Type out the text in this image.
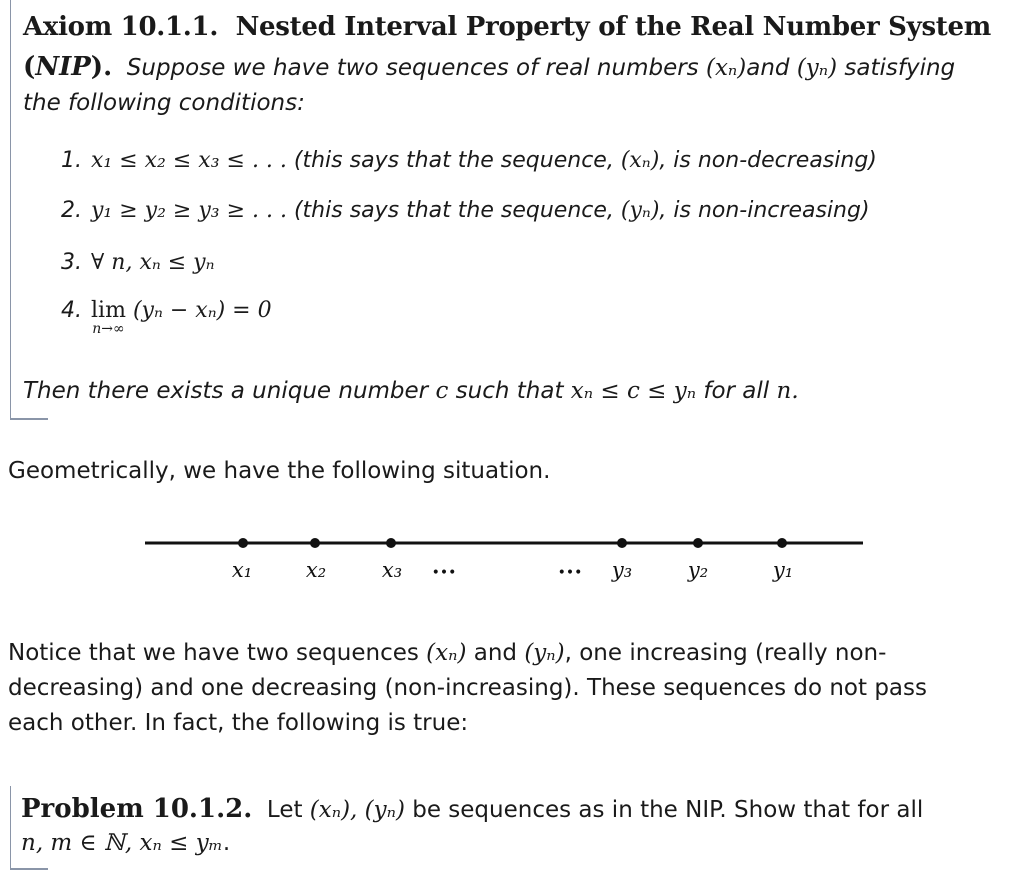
Axiom 10.1.1. Nested Interval Property of the Real Number System
(NIP). Suppose we have two sequences of real numbers (xₙ)and (yₙ) satisfying
the following conditions:
1. x₁ ≤ x₂ ≤ x₃ ≤ . . . (this says that the sequence, (xₙ), is non-decreasing)
2. y₁ ≥ y₂ ≥ y₃ ≥ . . . (this says that the sequence, (yₙ), is non-increasing)
3. ∀ n, xₙ ≤ yₙ
4. lim
n→∞
(yₙ − xₙ) = 0
Then there exists a unique number c such that xₙ ≤ c ≤ yₙ for all n.
Geometrically, we have the following situation.
x₁	x₂	x₃ •••	••• y₃	y₂	y₁
Notice that we have two sequences (xₙ) and (yₙ), one increasing (really non-
decreasing) and one decreasing (non-increasing). These sequences do not pass
each other. In fact, the following is true:
Problem 10.1.2. Let (xₙ), (yₙ) be sequences as in the NIP. Show that for all
n, m ∈ ℕ, xₙ ≤ yₘ.
